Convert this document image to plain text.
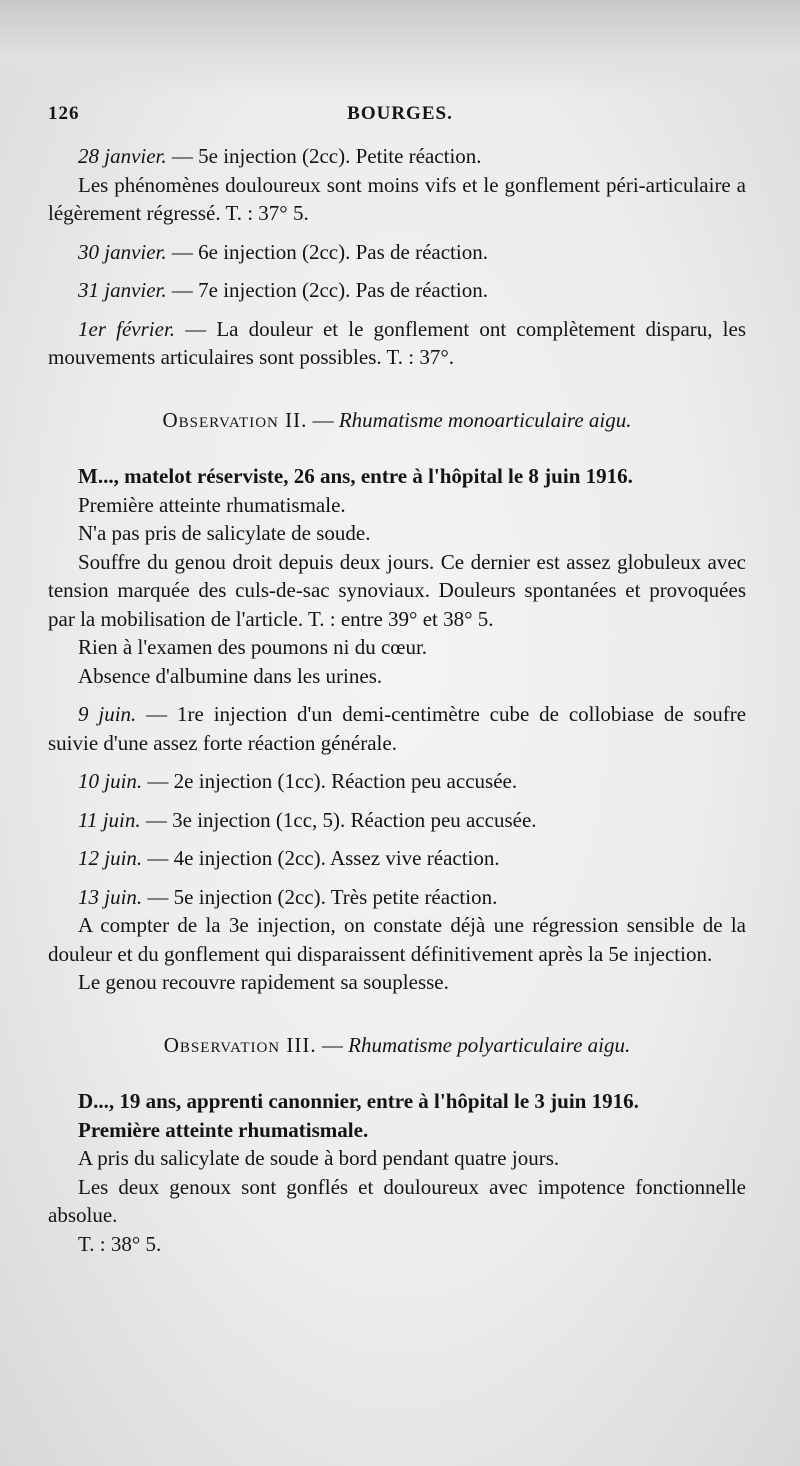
126	BOURGES.

28 janvier. — 5e injection (2cc). Petite réaction.

Les phénomènes douloureux sont moins vifs et le gonflement péri-articulaire a légèrement régressé. T. : 37° 5.

30 janvier. — 6e injection (2cc). Pas de réaction.

31 janvier. — 7e injection (2cc). Pas de réaction.

1er février. — La douleur et le gonflement ont complètement disparu, les mouvements articulaires sont possibles. T. : 37°.

Observation II. — Rhumatisme monoarticulaire aigu.

M..., matelot réserviste, 26 ans, entre à l'hôpital le 8 juin 1916.

Première atteinte rhumatismale.

N'a pas pris de salicylate de soude.

Souffre du genou droit depuis deux jours. Ce dernier est assez globuleux avec tension marquée des culs-de-sac synoviaux. Douleurs spontanées et provoquées par la mobilisation de l'article. T. : entre 39° et 38° 5.

Rien à l'examen des poumons ni du cœur.

Absence d'albumine dans les urines.

9 juin. — 1re injection d'un demi-centimètre cube de collobiase de soufre suivie d'une assez forte réaction générale.

10 juin. — 2e injection (1cc). Réaction peu accusée.

11 juin. — 3e injection (1cc, 5). Réaction peu accusée.

12 juin. — 4e injection (2cc). Assez vive réaction.

13 juin. — 5e injection (2cc). Très petite réaction.

A compter de la 3e injection, on constate déjà une régression sensible de la douleur et du gonflement qui disparaissent définitivement après la 5e injection.

Le genou recouvre rapidement sa souplesse.

Observation III. — Rhumatisme polyarticulaire aigu.

D..., 19 ans, apprenti canonnier, entre à l'hôpital le 3 juin 1916.

Première atteinte rhumatismale.

A pris du salicylate de soude à bord pendant quatre jours.

Les deux genoux sont gonflés et douloureux avec impotence fonctionnelle absolue.

T. : 38° 5.
